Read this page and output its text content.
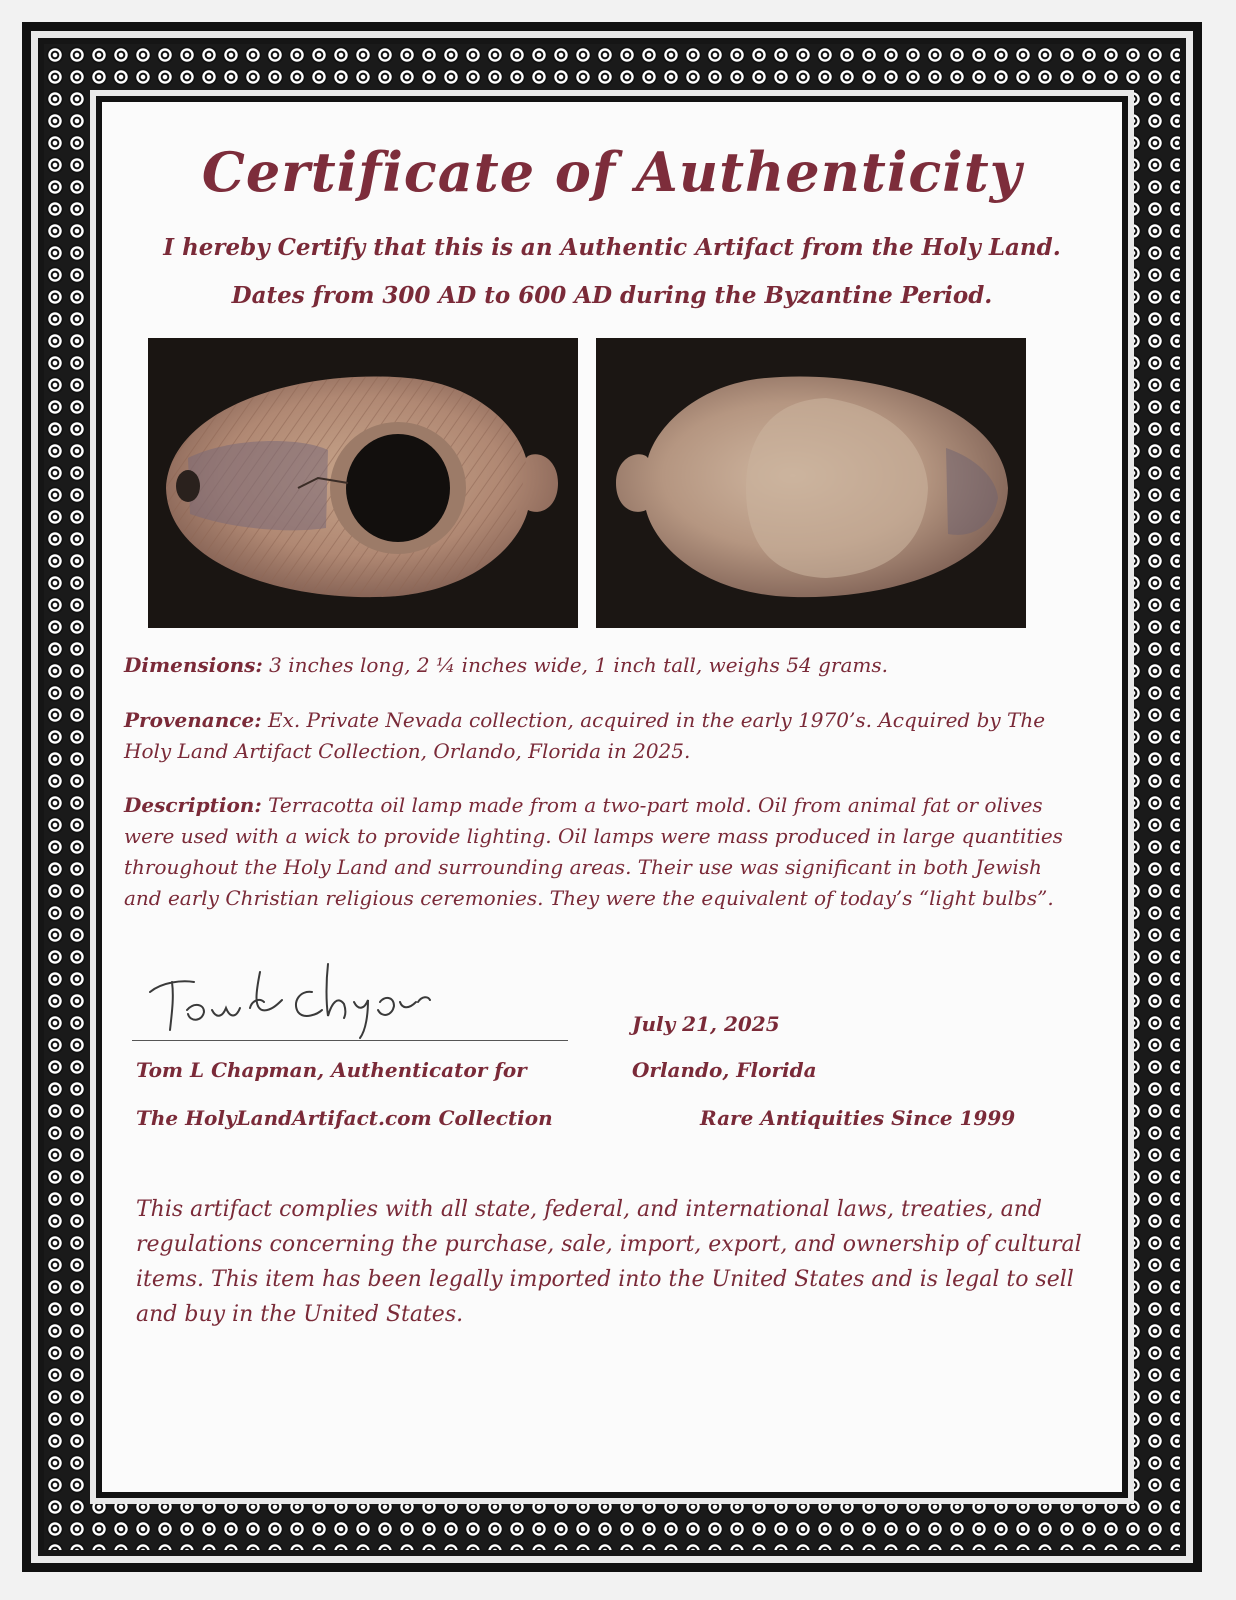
Certificate of Authenticity
I hereby Certify that this is an Authentic Artifact from the Holy Land.
Dates from 300 AD to 600 AD during the Byzantine Period.
Dimensions: 3 inches long, 2 ¼ inches wide, 1 inch tall, weighs 54 grams.
Provenance: Ex. Private Nevada collection, acquired in the early 1970’s. Acquired by The Holy Land Artifact Collection, Orlando, Florida in 2025.
Description: Terracotta oil lamp made from a two-part mold. Oil from animal fat or olives were used with a wick to provide lighting. Oil lamps were mass produced in large quantities throughout the Holy Land and surrounding areas. Their use was significant in both Jewish and early Christian religious ceremonies. They were the equivalent of today’s “light bulbs”.
Tom L Chapman, Authenticator for
The HolyLandArtifact.com Collection
July 21, 2025
Orlando, Florida
Rare Antiquities Since 1999
This artifact complies with all state, federal, and international laws, treaties, and regulations concerning the purchase, sale, import, export, and ownership of cultural items. This item has been legally imported into the United States and is legal to sell and buy in the United States.
